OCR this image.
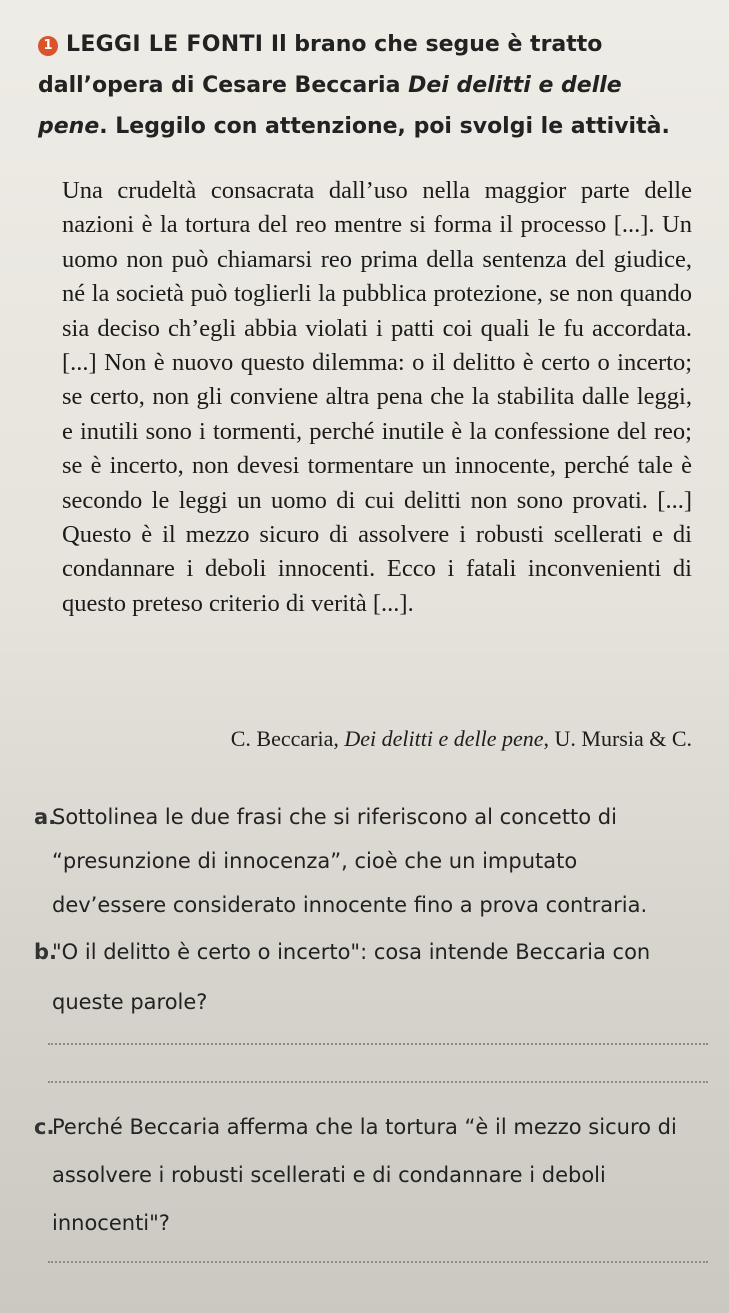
1 LEGGI LE FONTI Il brano che segue è tratto dall’opera di Cesare Beccaria Dei delitti e delle pene. Leggilo con attenzione, poi svolgi le attività.

Una crudeltà consacrata dall’uso nella maggior parte delle nazioni è la tortura del reo mentre si forma il processo [...]. Un uomo non può chiamarsi reo prima della sentenza del giudice, né la società può toglierli la pubblica protezione, se non quando sia deciso ch’egli abbia violati i patti coi quali le fu accordata. [...] Non è nuovo questo dilemma: o il delitto è certo o incerto; se certo, non gli conviene altra pena che la stabilita dalle leggi, e inutili sono i tormenti, perché inutile è la confessione del reo; se è incerto, non devesi tormentare un innocente, perché tale è secondo le leggi un uomo di cui delitti non sono provati. [...] Questo è il mezzo sicuro di assolvere i robusti scellerati e di condannare i deboli innocenti. Ecco i fatali inconvenienti di questo preteso criterio di verità [...].

C. Beccaria, Dei delitti e delle pene, U. Mursia & C.
a.
Sottolinea le due frasi che si riferiscono al concetto di “presunzione di innocenza”, cioè che un imputato dev’essere considerato innocente fino a prova contraria.
b.
"O il delitto è certo o incerto": cosa intende Beccaria con queste parole?
c.
Perché Beccaria afferma che la tortura “è il mezzo sicuro di assolvere i robusti scellerati e di condannare i deboli innocenti"?
